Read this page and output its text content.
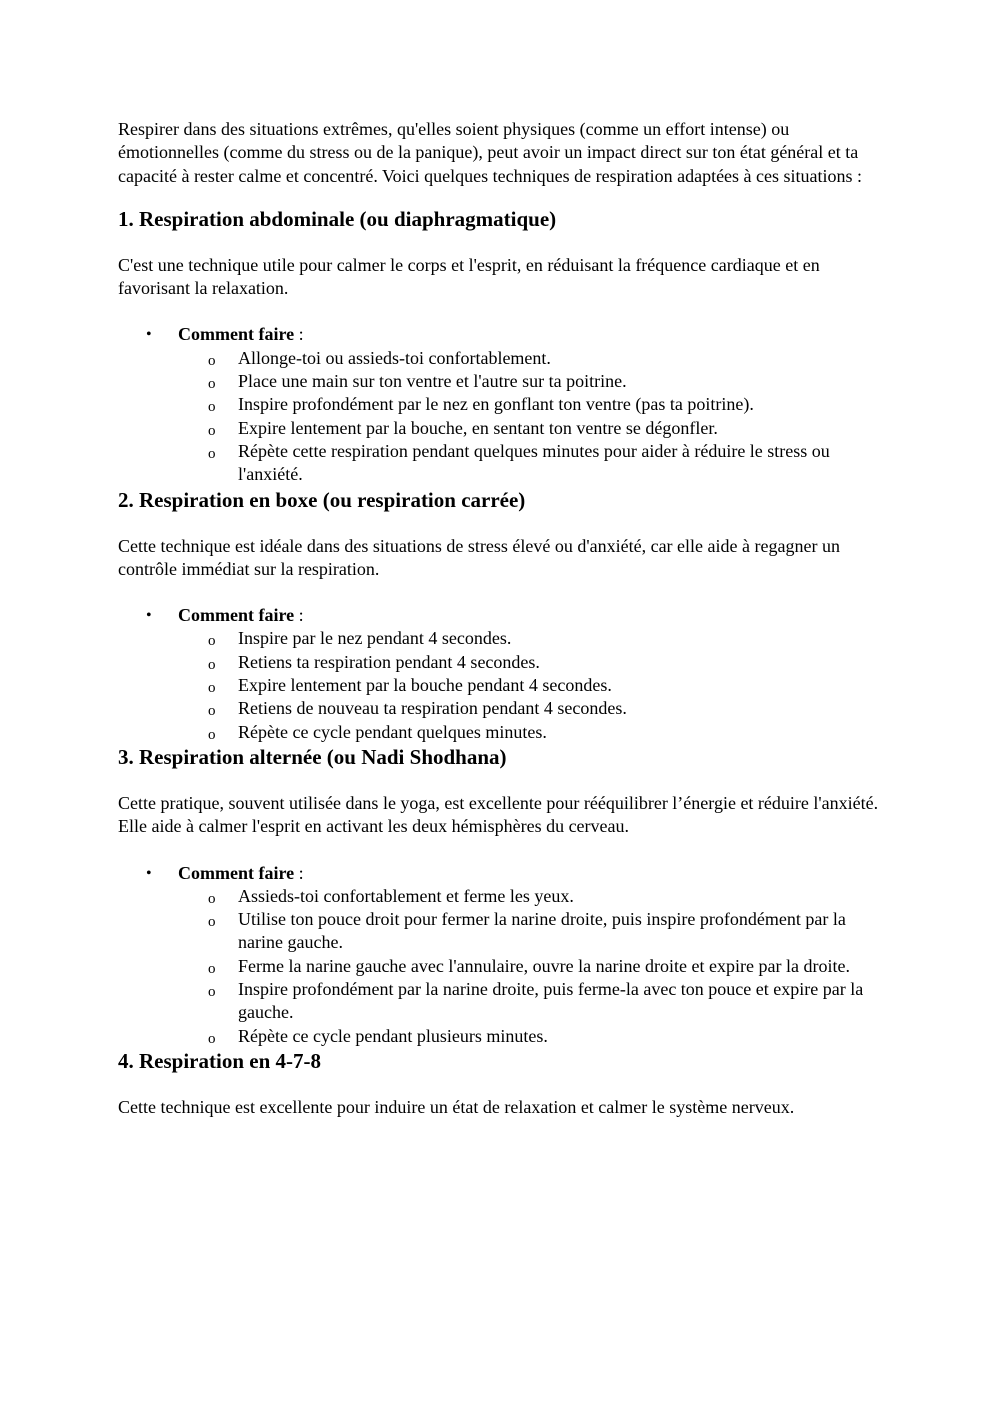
Respirer dans des situations extrêmes, qu'elles soient physiques (comme un effort intense) ou émotionnelles (comme du stress ou de la panique), peut avoir un impact direct sur ton état général et ta capacité à rester calme et concentré. Voici quelques techniques de respiration adaptées à ces situations :

1. Respiration abdominale (ou diaphragmatique)

C'est une technique utile pour calmer le corps et l'esprit, en réduisant la fréquence cardiaque et en favorisant la relaxation.

• Comment faire :
o Allonge-toi ou assieds-toi confortablement.
o Place une main sur ton ventre et l'autre sur ta poitrine.
o Inspire profondément par le nez en gonflant ton ventre (pas ta poitrine).
o Expire lentement par la bouche, en sentant ton ventre se dégonfler.
o Répète cette respiration pendant quelques minutes pour aider à réduire le stress ou l'anxiété.
2. Respiration en boxe (ou respiration carrée)

Cette technique est idéale dans des situations de stress élevé ou d'anxiété, car elle aide à regagner un contrôle immédiat sur la respiration.

• Comment faire :
o Inspire par le nez pendant 4 secondes.
o Retiens ta respiration pendant 4 secondes.
o Expire lentement par la bouche pendant 4 secondes.
o Retiens de nouveau ta respiration pendant 4 secondes.
o Répète ce cycle pendant quelques minutes.
3. Respiration alternée (ou Nadi Shodhana)

Cette pratique, souvent utilisée dans le yoga, est excellente pour rééquilibrer l’énergie et réduire l'anxiété. Elle aide à calmer l'esprit en activant les deux hémisphères du cerveau.

• Comment faire :
o Assieds-toi confortablement et ferme les yeux.
o Utilise ton pouce droit pour fermer la narine droite, puis inspire profondément par la narine gauche.
o Ferme la narine gauche avec l'annulaire, ouvre la narine droite et expire par la droite.
o Inspire profondément par la narine droite, puis ferme-la avec ton pouce et expire par la gauche.
o Répète ce cycle pendant plusieurs minutes.
4. Respiration en 4-7-8

Cette technique est excellente pour induire un état de relaxation et calmer le système nerveux.
